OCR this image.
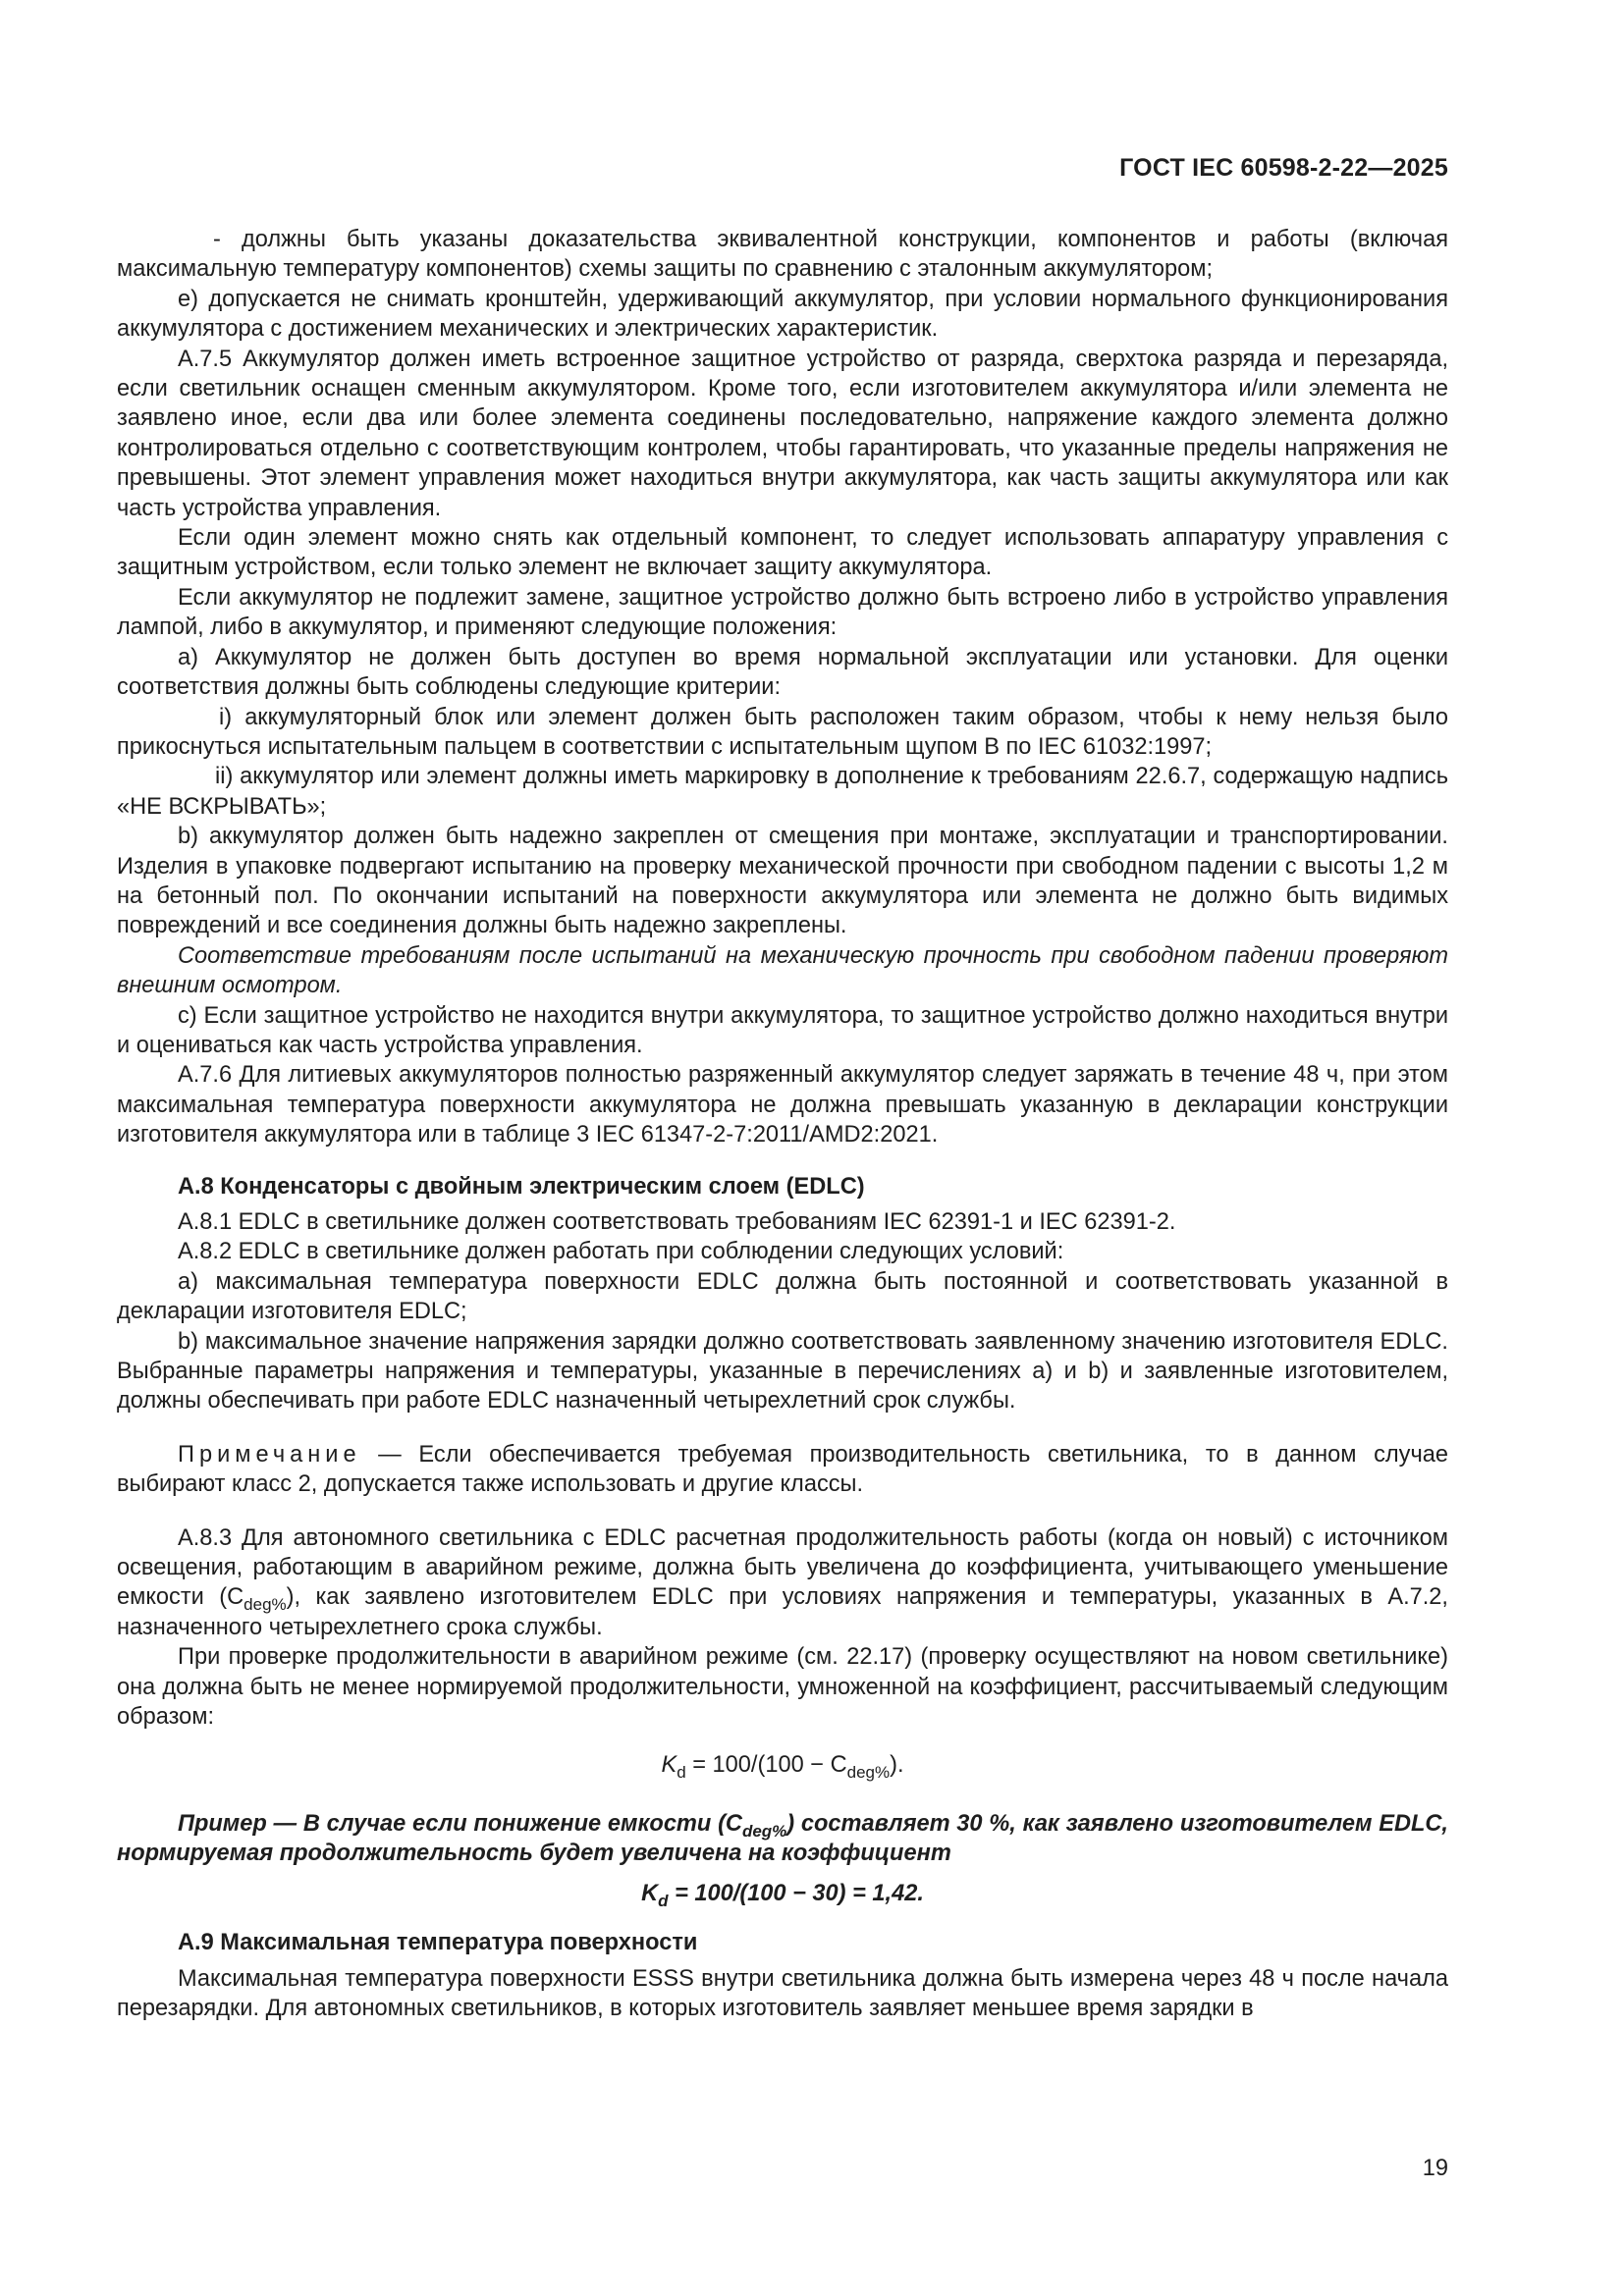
ГОСТ IEC 60598-2-22—2025

- должны быть указаны доказательства эквивалентной конструкции, компонентов и работы (включая максимальную температуру компонентов) схемы защиты по сравнению с эталонным аккумулятором;

е) допускается не снимать кронштейн, удерживающий аккумулятор, при условии нормального функционирования аккумулятора с достижением механических и электрических характеристик.

А.7.5 Аккумулятор должен иметь встроенное защитное устройство от разряда, сверхтока разряда и перезаряда, если светильник оснащен сменным аккумулятором. Кроме того, если изготовителем аккумулятора и/или элемента не заявлено иное, если два или более элемента соединены последовательно, напряжение каждого элемента должно контролироваться отдельно с соответствующим контролем, чтобы гарантировать, что указанные пределы напряжения не превышены. Этот элемент управления может находиться внутри аккумулятора, как часть защиты аккумулятора или как часть устройства управления.

Если один элемент можно снять как отдельный компонент, то следует использовать аппаратуру управления с защитным устройством, если только элемент не включает защиту аккумулятора.

Если аккумулятор не подлежит замене, защитное устройство должно быть встроено либо в устройство управления лампой, либо в аккумулятор, и применяют следующие положения:

а) Аккумулятор не должен быть доступен во время нормальной эксплуатации или установки. Для оценки соответствия должны быть соблюдены следующие критерии:

i) аккумуляторный блок или элемент должен быть расположен таким образом, чтобы к нему нельзя было прикоснуться испытательным пальцем в соответствии с испытательным щупом B по IEC 61032:1997;

ii) аккумулятор или элемент должны иметь маркировку в дополнение к требованиям 22.6.7, содержащую надпись «НЕ ВСКРЫВАТЬ»;

b) аккумулятор должен быть надежно закреплен от смещения при монтаже, эксплуатации и транспортировании. Изделия в упаковке подвергают испытанию на проверку механической прочности при свободном падении с высоты 1,2 м на бетонный пол. По окончании испытаний на поверхности аккумулятора или элемента не должно быть видимых повреждений и все соединения должны быть надежно закреплены.

Соответствие требованиям после испытаний на механическую прочность при свободном падении проверяют внешним осмотром.

с) Если защитное устройство не находится внутри аккумулятора, то защитное устройство должно находиться внутри и оцениваться как часть устройства управления.

А.7.6 Для литиевых аккумуляторов полностью разряженный аккумулятор следует заряжать в течение 48 ч, при этом максимальная температура поверхности аккумулятора не должна превышать указанную в декларации конструкции изготовителя аккумулятора или в таблице 3 IEC 61347-2-7:2011/AMD2:2021.

А.8 Конденсаторы с двойным электрическим слоем (EDLC)

А.8.1 EDLC в светильнике должен соответствовать требованиям IEC 62391-1 и IEC 62391-2.

А.8.2 EDLC в светильнике должен работать при соблюдении следующих условий:

а) максимальная температура поверхности EDLC должна быть постоянной и соответствовать указанной в декларации изготовителя EDLC;

b) максимальное значение напряжения зарядки должно соответствовать заявленному значению изготовителя EDLC. Выбранные параметры напряжения и температуры, указанные в перечислениях а) и b) и заявленные изготовителем, должны обеспечивать при работе EDLC назначенный четырехлетний срок службы.

Примечание — Если обеспечивается требуемая производительность светильника, то в данном случае выбирают класс 2, допускается также использовать и другие классы.

А.8.3 Для автономного светильника с EDLC расчетная продолжительность работы (когда он новый) с источником освещения, работающим в аварийном режиме, должна быть увеличена до коэффициента, учитывающего уменьшение емкости $(C_{deg\%})$, как заявлено изготовителем EDLC при условиях напряжения и температуры, указанных в А.7.2, назначенного четырехлетнего срока службы.

При проверке продолжительности в аварийном режиме (см. 22.17) (проверку осуществляют на новом светильнике) она должна быть не менее нормируемой продолжительности, умноженной на коэффициент, рассчитываемый следующим образом:

$K_d = 100/(100 - C_{deg\%})$.

Пример — В случае если понижение емкости $(C_{deg\%})$ составляет 30 %, как заявлено изготовителем EDLC, нормируемая продолжительность будет увеличена на коэффициент

$K_d = 100/(100 - 30) = 1,42$.

А.9 Максимальная температура поверхности

Максимальная температура поверхности ESSS внутри светильника должна быть измерена через 48 ч после начала перезарядки. Для автономных светильников, в которых изготовитель заявляет меньшее время зарядки в

19
